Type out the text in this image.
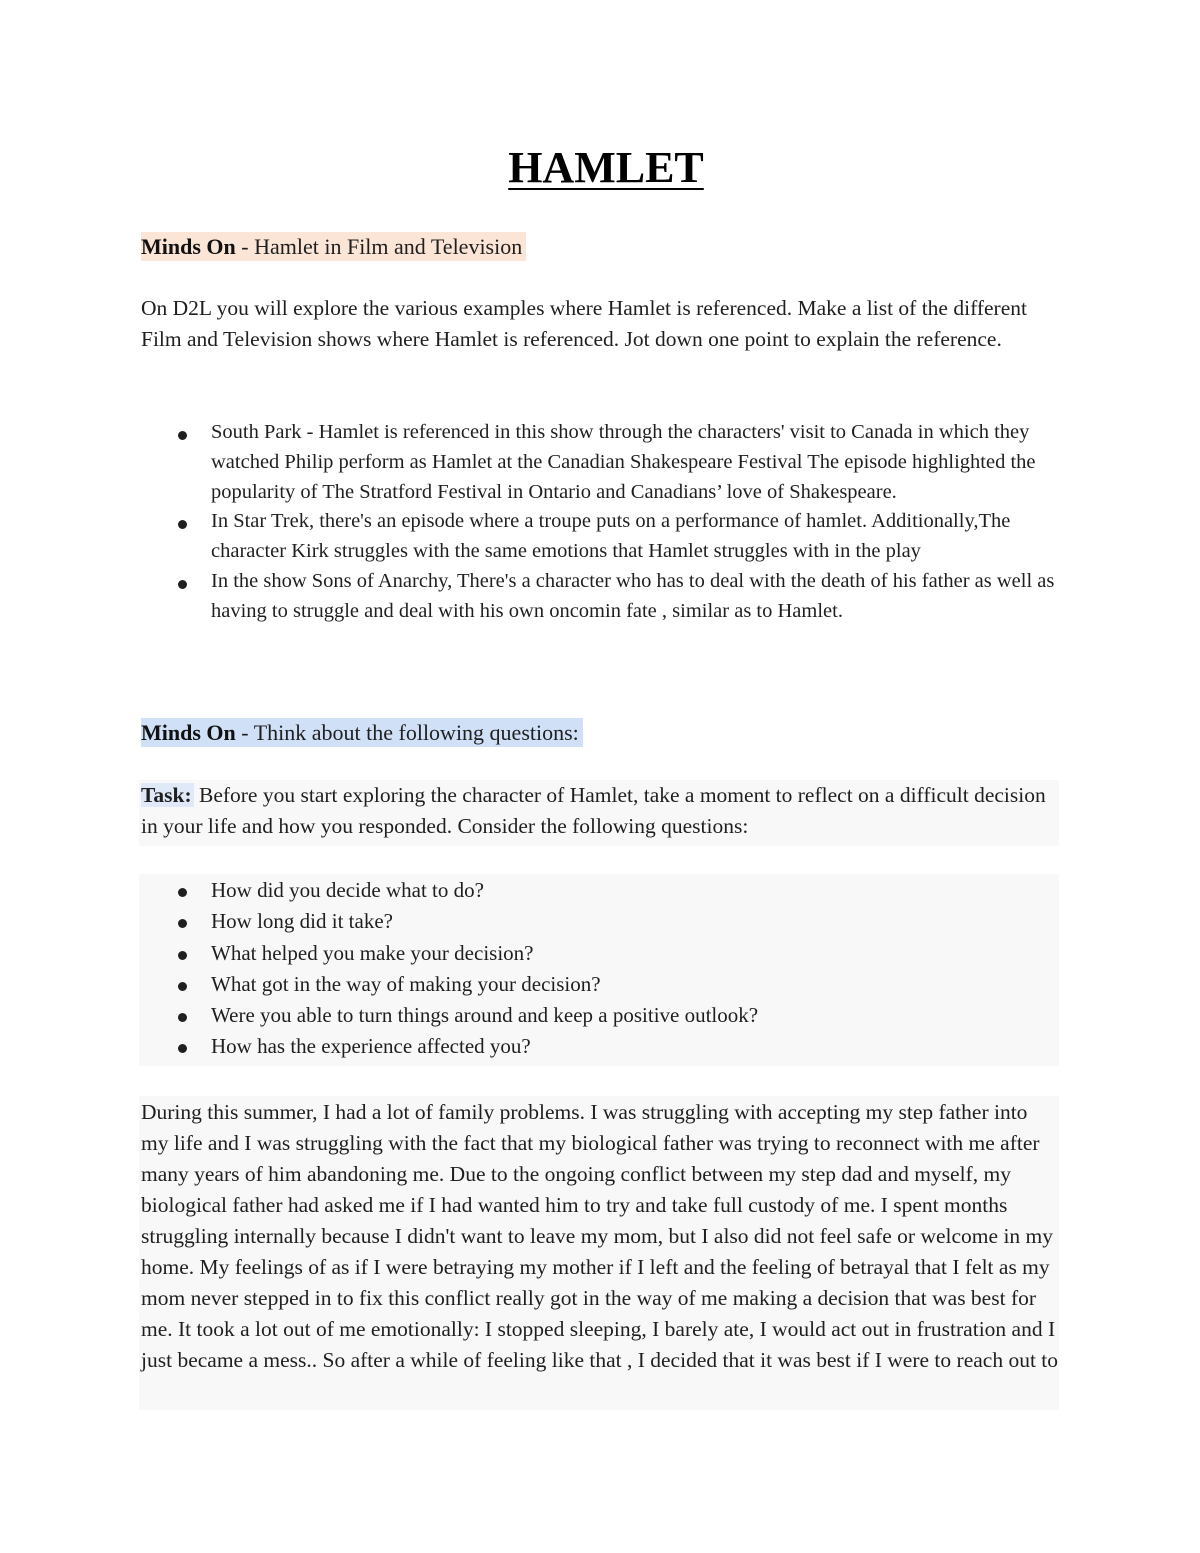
HAMLET

Minds On - Hamlet in Film and Television

On D2L you will explore the various examples where Hamlet is referenced. Make a list of the different Film and Television shows where Hamlet is referenced. Jot down one point to explain the reference.

South Park - Hamlet is referenced in this show through the characters' visit to Canada in which they watched Philip perform as Hamlet at the Canadian Shakespeare Festival The episode highlighted the popularity of The Stratford Festival in Ontario and Canadians’ love of Shakespeare.
In Star Trek, there's an episode where a troupe puts on a performance of hamlet. Additionally,The character Kirk struggles with the same emotions that Hamlet struggles with in the play
In the show Sons of Anarchy, There's a character who has to deal with the death of his father as well as having to struggle and deal with his own oncomin fate , similar as to Hamlet.

Minds On - Think about the following questions:

Task: Before you start exploring the character of Hamlet, take a moment to reflect on a difficult decision in your life and how you responded. Consider the following questions:

How did you decide what to do?
How long did it take?
What helped you make your decision?
What got in the way of making your decision?
Were you able to turn things around and keep a positive outlook?
How has the experience affected you?

During this summer, I had a lot of family problems. I was struggling with accepting my step father into my life and I was struggling with the fact that my biological father was trying to reconnect with me after many years of him abandoning me. Due to the ongoing conflict between my step dad and myself, my biological father had asked me if I had wanted him to try and take full custody of me. I spent months struggling internally because I didn't want to leave my mom, but I also did not feel safe or welcome in my home. My feelings of as if I were betraying my mother if I left and the feeling of betrayal that I felt as my mom never stepped in to fix this conflict really got in the way of me making a decision that was best for me. It took a lot out of me emotionally: I stopped sleeping, I barely ate, I would act out in frustration and I just became a mess.. So after a while of feeling like that , I decided that it was best if I were to reach out to
